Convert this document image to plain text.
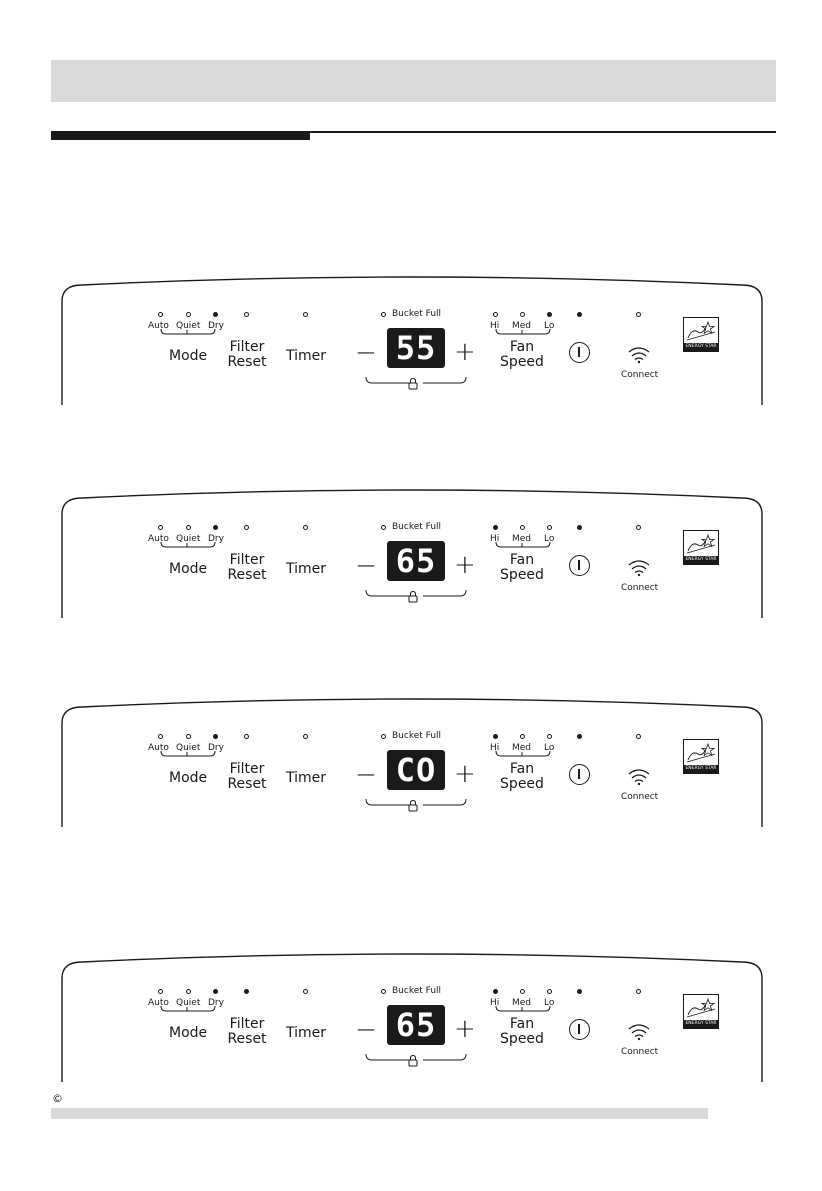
Auto Quiet Dry
Mode
Filter
Reset Timer
Bucket Full
− 55 +
Hi Med Lo
Fan
Speed
Connect
ENERGY STAR
Auto Quiet Dry
Mode
Filter
Reset Timer
Bucket Full
− 65 +
Hi Med Lo
Fan
Speed
Connect
ENERGY STAR
Auto Quiet Dry
Mode
Filter
Reset Timer
Bucket Full
− CO +
Hi Med Lo
Fan
Speed
Connect
ENERGY STAR
Auto Quiet Dry
Mode
Filter
Reset Timer
Bucket Full
− 65 +
Hi Med Lo
Fan
Speed
Connect
ENERGY STAR
©
